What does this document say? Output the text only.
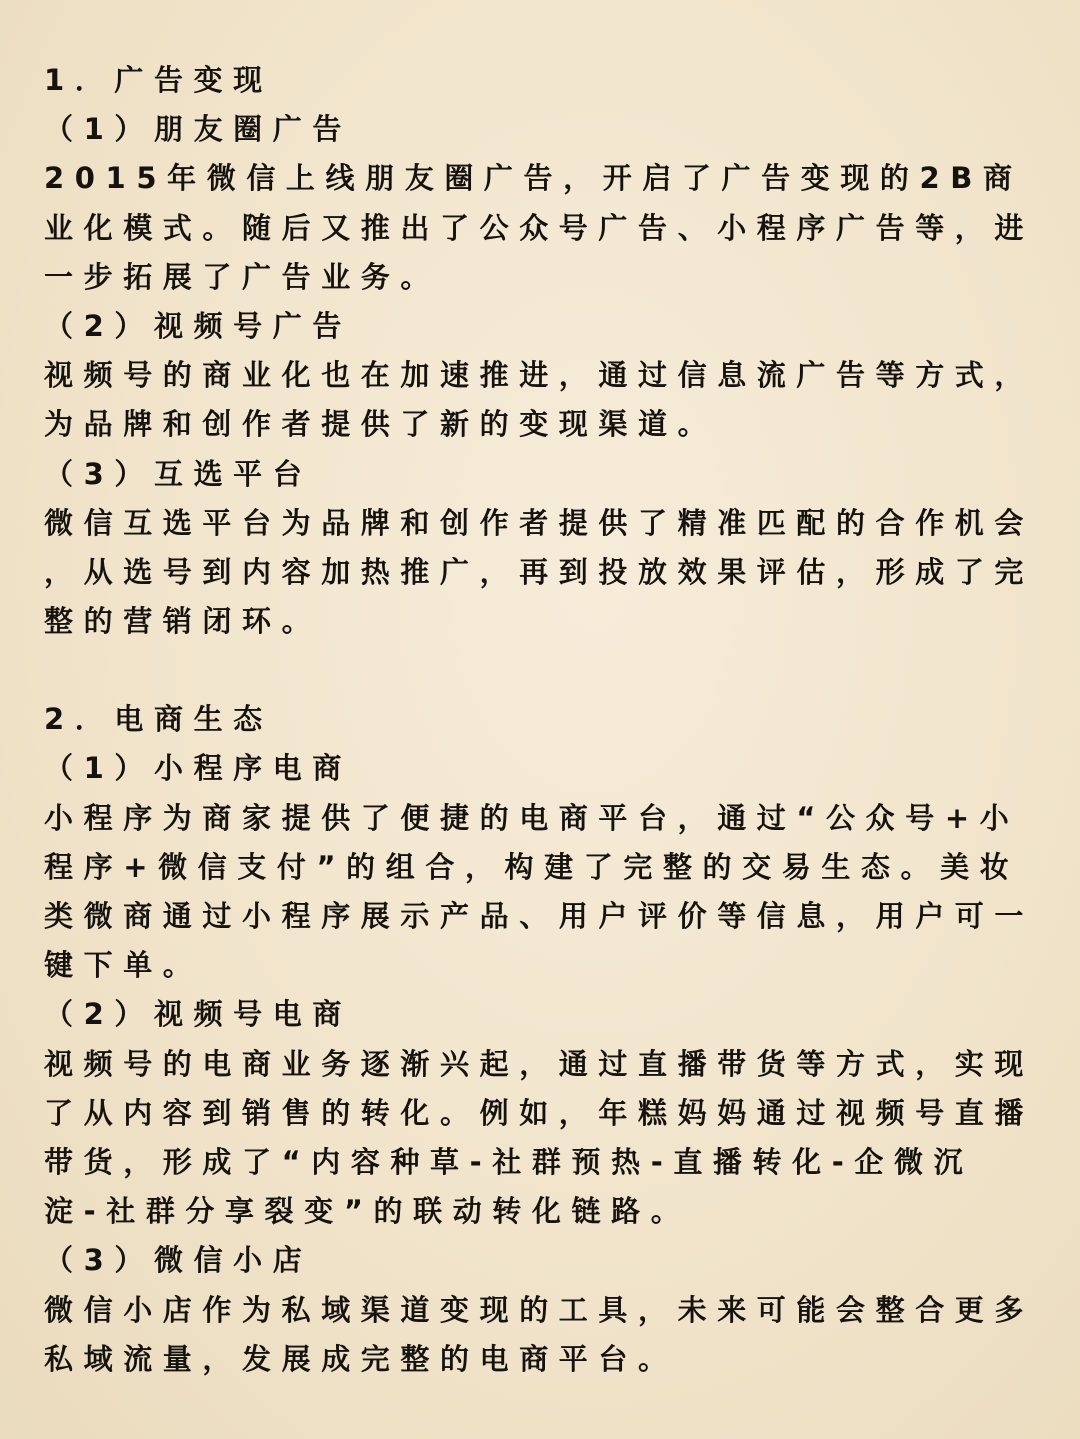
1．广告变现
（1）朋友圈广告
2015年微信上线朋友圈广告，开启了广告变现的2B商
业化模式。随后又推出了公众号广告、小程序广告等，进
一步拓展了广告业务。
（2）视频号广告
视频号的商业化也在加速推进，通过信息流广告等方式，
为品牌和创作者提供了新的变现渠道。
（3）互选平台
微信互选平台为品牌和创作者提供了精准匹配的合作机会
，从选号到内容加热推广，再到投放效果评估，形成了完
整的营销闭环。
2．电商生态
（1）小程序电商
小程序为商家提供了便捷的电商平台，通过“公众号+小
程序+微信支付”的组合，构建了完整的交易生态。美妆
类微商通过小程序展示产品、用户评价等信息，用户可一
键下单。
（2）视频号电商
视频号的电商业务逐渐兴起，通过直播带货等方式，实现
了从内容到销售的转化。例如，年糕妈妈通过视频号直播
带货，形成了“内容种草-社群预热-直播转化-企微沉
淀-社群分享裂变”的联动转化链路。
（3）微信小店
微信小店作为私域渠道变现的工具，未来可能会整合更多
私域流量，发展成完整的电商平台。
